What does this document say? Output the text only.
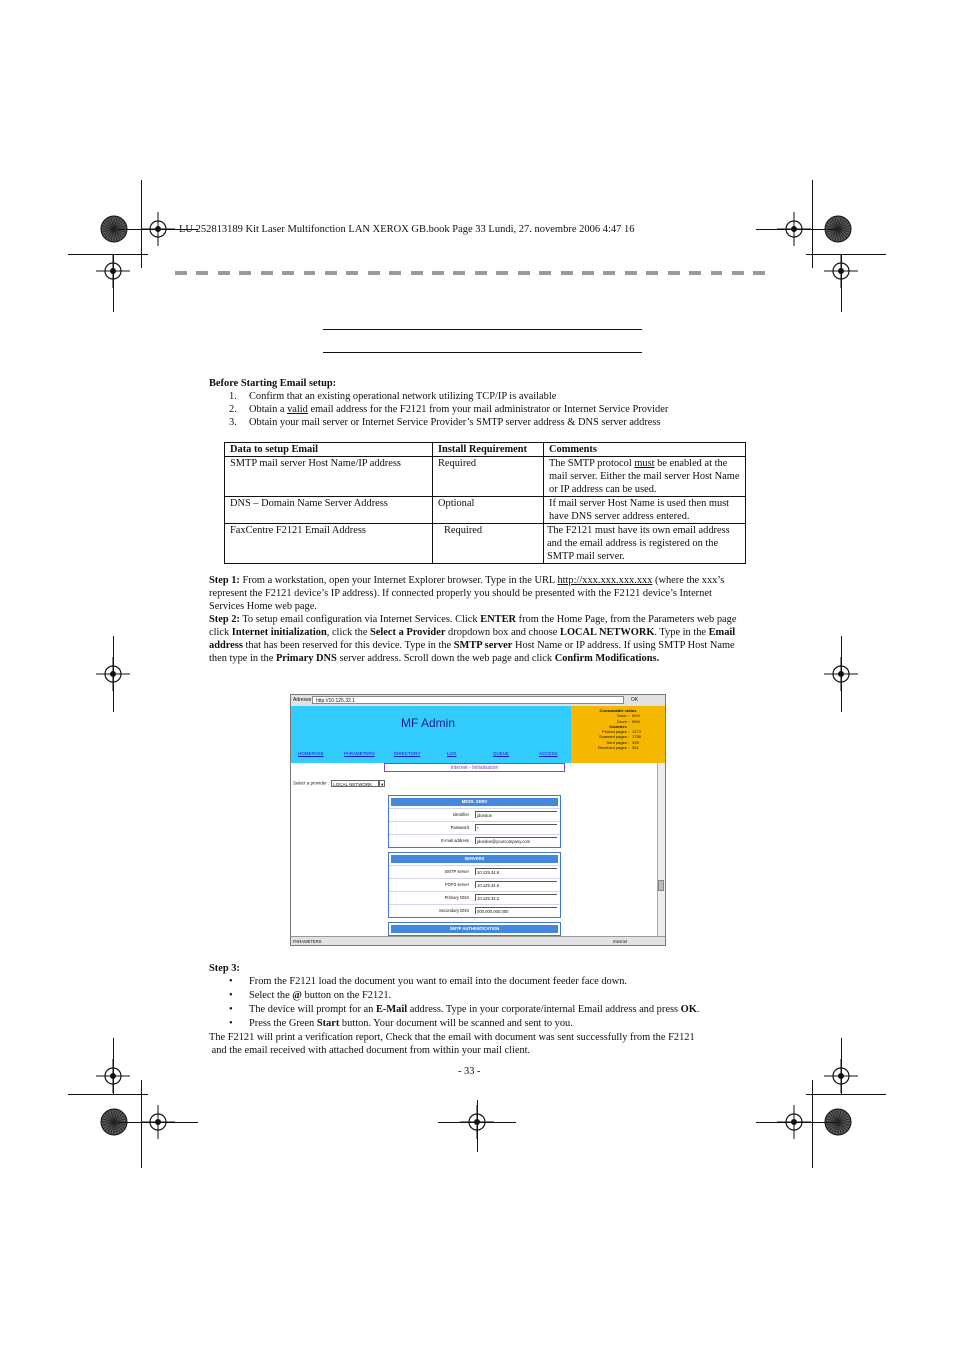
LU 252813189 Kit Laser Multifonction LAN XEROX GB.book Page 33 Lundi, 27. novembre 2006 4:47 16

Before Starting Email setup:

1. Confirm that an existing operational network utilizing TCP/IP is available
2. Obtain a valid email address for the F2121 from your mail administrator or Internet Service Provider
3. Obtain your mail server or Internet Service Provider’s SMTP server address & DNS server address
Data to setup Email	Install Requirement	Comments
SMTP mail server Host Name/IP address	Required	The SMTP protocol must be enabled at the mail server. Either the mail server Host Name or IP address can be used.
DNS – Domain Name Server Address	Optional	If mail server Host Name is used then must have DNS server address entered.
FaxCentre F2121 Email Address	Required	The F2121 must have its own email address and the email address is registered on the SMTP mail server.

Step 1: From a workstation, open your Internet Explorer browser. Type in the URL http://xxx.xxx.xxx.xxx (where the xxx’s represent the F2121 device’s IP address). If connected properly you should be presented with the F2121 device’s Internet Services Home web page.

Step 2: To setup email configuration via Internet Services. Click ENTER from the Home Page, from the Parameters web page click Internet initialization, click the Select a Provider dropdown box and choose LOCAL NETWORK. Type in the Email address that has been reserved for this device. Type in the SMTP server Host Name or IP address. If using SMTP Host Name then type in the Primary DNS server address. Scroll down the web page and click Confirm Modifications.

Adresse http://10.125.32.1	OK
MF Admin
HOMEPAGE	PARAMETERS	DIRECTORY	LOG	QUEUE	ACCESS
Consumable status
Toner : 90%
Drum : 55%
Counters
Printed pages : 1273
Scanned pages : 1758
Sent pages : 395
Received pages : 351
Internet - Initialisation
Select a provider : LOCAL NETWORK ▼
MESS. SERV
Identifier	jdoedoe
Password	*
E-mail address	jdoedoe@yourcompany.com
SERVERS
SMTP server	10.125.34.6
POP3 server	10.125.34.6
Primary DNS	10.125.32.2
Secondary DNS	000.000.000.000
SMTP AUTHENTICATION
PARAMETERS	Internet

Step 3:

• From the F2121 load the document you want to email into the document feeder face down.
• Select the @ button on the F2121.
• The device will prompt for an E-Mail address. Type in your corporate/internal Email address and press OK.
• Press the Green Start button. Your document will be scanned and sent to you.

The F2121 will print a verification report, Check that the email with document was sent successfully from the F2121

and the email received with attached document from within your mail client.

- 33 -
